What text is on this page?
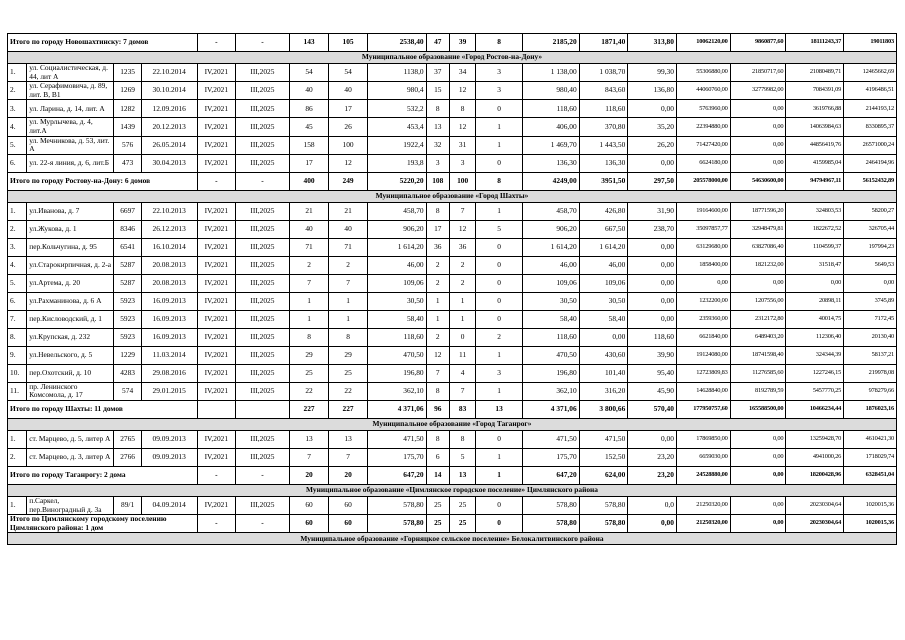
Итого по городу Новошахтинску: 7 домов				-	-	143	105	2538,40	47	39	8	2185,20	1871,40	313,80	10062120,00	9860877,60	18111243,37	19011803
Муниципальное образование «Город Ростов-на-Дону»																		
1.	ул. Социалистическая, д. 44, лит А	1235	22.10.2014	IV,2021	III,2025	54	54	1138,0	37	34	3	1 138,00	1 038,70	99,30	55306880,00	21850717,60	21080489,71	12465662,69
2.	ул. Серафимовича, д. 89, лит. В, В1	1269	30.10.2014	IV,2021	III,2025	40	40	980,4	15	12	3	980,40	843,60	136,80	44060760,00	32779982,00	7084391,09	4196486,51
3.	ул. Ларина, д. 14, лит. А	1282	12.09.2016	IV,2021	III,2025	86	17	532,2	8	8	0	118,60	118,60	0,00	5763960,00	0,00	3619766,88	2144193,12
4.	ул. Мурлычева, д. 4, лит.А	1439	20.12.2013	IV,2021	III,2025	45	26	453,4	13	12	1	406,00	370,80	35,20	22394880,00	0,00	14063984,63	8330895,37
5.	ул. Мечникова, д. 53, лит. А	576	26.05.2014	IV,2021	III,2025	158	100	1922,4	32	31	1	1 469,70	1 443,50	26,20	71427420,00	0,00	44856419,76	26571000,24
6.	ул. 22-я линия, д. 6, лит.Б	473	30.04.2013	IV,2021	III,2025	17	12	193,8	3	3	0	136,30	136,30	0,00	6624180,00	0,00	4159985,04	2464194,96
Итого по городу Ростову-на-Дону: 6 домов				-	-	400	249	5220,20	108	100	8	4249,00	3951,50	297,50	205578000,00	54630600,00	94794967,11	56152432,89
Муниципальное образование «Город Шахты»																		
1.	ул.Иванова, д. 7	6697	22.10.2013	IV,2021	III,2025	21	21	458,70	8	7	1	458,70	426,80	31,90	19164600,00	18771596,20	324803,53	58200,27
2.	ул.Жукова, д. 1	8346	26.12.2013	IV,2021	III,2025	40	40	906,20	17	12	5	906,20	667,50	238,70	35097857,77	32948479,81	1822672,52	326705,44
3.	пер.Кольчугина, д. 95	6541	16.10.2014	IV,2021	III,2025	71	71	1 614,20	36	36	0	1 614,20	1 614,20	0,00	63129680,00	63827086,40	1104599,37	197994,23
4.	ул.Старокирпичная, д. 2-а	5287	20.08.2013	IV,2021	III,2025	2	2	46,00	2	2	0	46,00	46,00	0,00	1858400,00	1821232,00	31518,47	5649,53
5.	ул.Артема, д. 20	5287	20.08.2013	IV,2021	III,2025	7	7	109,06	2	2	0	109,06	109,06	0,00	0,00	0,00	0,00	0,00
6.	ул.Рахманинова, д. 6 А	5923	16.09.2013	IV,2021	III,2025	1	1	30,50	1	1	0	30,50	30,50	0,00	1232200,00	1207556,00	20898,11	3745,89
7.	пер.Кисловодский, д. 1	5923	16.09.2013	IV,2021	III,2025	1	1	58,40	1	1	0	58,40	58,40	0,00	2359360,00	2312172,80	40014,75	7172,45
8.	ул.Крупская, д. 232	5923	16.09.2013	IV,2021	III,2025	8	8	118,60	2	0	2	118,60	0,00	118,60	6621840,00	6489403,20	112306,40	20130,40
9.	ул.Невельского, д. 5	1229	11.03.2014	IV,2021	III,2025	29	29	470,50	12	11	1	470,50	430,60	39,90	19124080,00	18741598,40	324344,39	58137,21
10.	пер.Охотский, д. 10	4283	29.08.2016	IV,2021	III,2025	25	25	196,80	7	4	3	196,80	101,40	95,40	12723809,83	11276585,60	1227246,15	219978,08
11.	пр. Ленинского Комсомола, д. 17	574	29.01.2015	IV,2021	III,2025	22	22	362,10	8	7	1	362,10	316,20	45,90	14628840,00	8192789,59	5457770,25	978279,66
Итого по городу Шахты: 11 домов						227	227	4 371,06	96	83	13	4 371,06	3 800,66	570,40	177950757,60	165588500,00	10466234,44	1876023,16
Муниципальное образование «Город Таганрог»																		
1.	ст. Марцево, д. 5, литер А	2765	09.09.2013	IV,2021	III,2025	13	13	471,50	8	8	0	471,50	471,50	0,00	17869850,00	0,00	13259428,70	4610421,30
2.	ст. Марцево, д. 3, литер А	2766	09.09.2013	IV,2021	III,2025	7	7	175,70	6	5	1	175,70	152,50	23,20	6659030,00	0,00	4941000,26	1718029,74
Итого по городу Таганрогу: 2 дома				-	-	20	20	647,20	14	13	1	647,20	624,00	23,20	24528880,00	0,00	18200428,96	6328451,04
Муниципальное образование «Цимлянское городское поселение» Цимлянского района																		
1.	п.Саркел, пер.Виноградный д. 3а	89/1	04.09.2014	IV,2021	III,2025	60	60	578,80	25	25	0	578,80	578,80	0,0	21250320,00	0,00	20230304,64	1020015,36
Итого по Цимлянскому городскому поселению Цимлянского района: 1 дом				-	-	60	60	578,80	25	25	0	578,80	578,80	0,00	21250320,00	0,00	20230304,64	1020015,36
Муниципальное образование «Горняцкое сельское поселение» Белокалитвинского района																		
